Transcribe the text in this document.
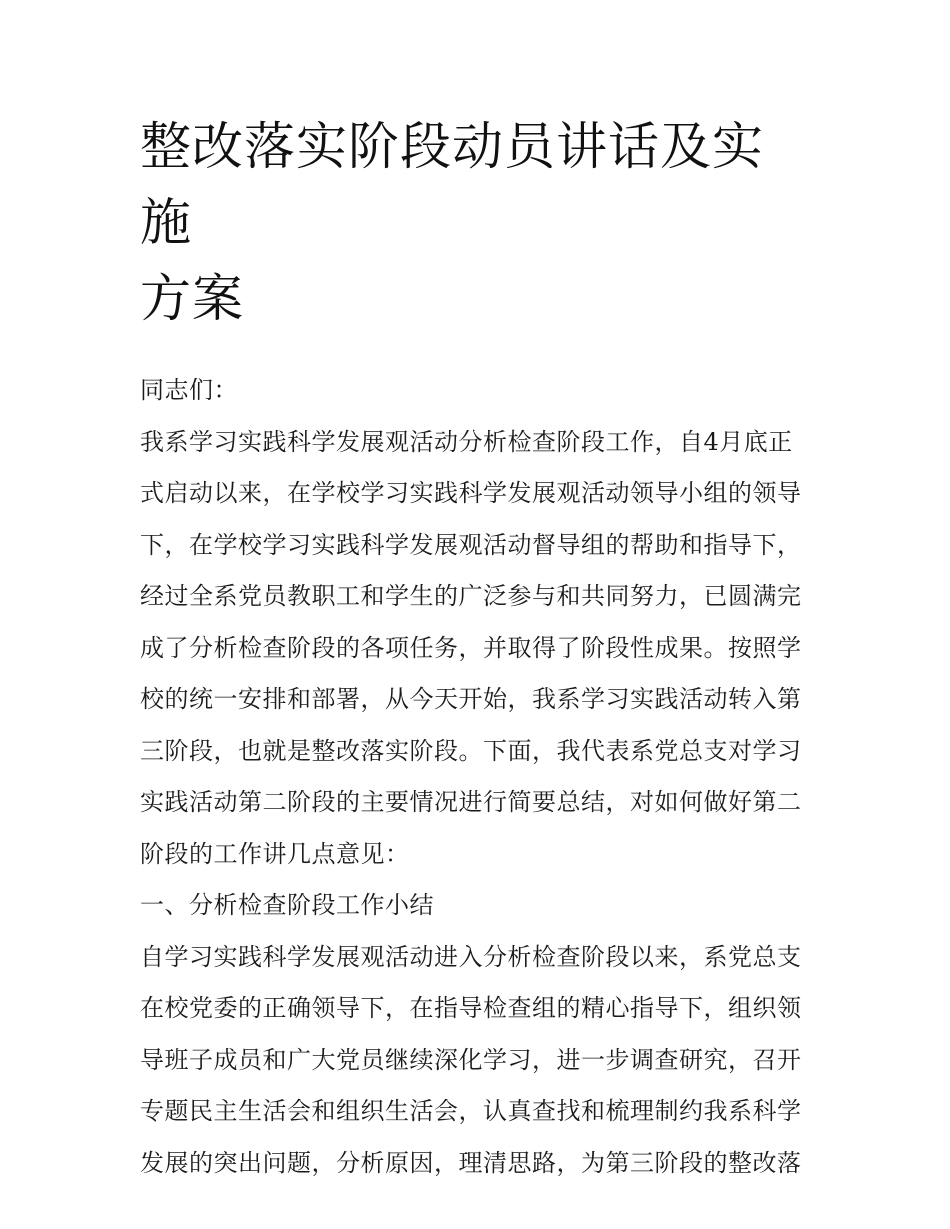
整改落实阶段动员讲话及实施
方案
同志们：
我系学习实践科学发展观活动分析检查阶段工作，自4月底正
式启动以来，在学校学习实践科学发展观活动领导小组的领导
下，在学校学习实践科学发展观活动督导组的帮助和指导下，
经过全系党员教职工和学生的广泛参与和共同努力，已圆满完
成了分析检查阶段的各项任务，并取得了阶段性成果。按照学
校的统一安排和部署，从今天开始，我系学习实践活动转入第
三阶段，也就是整改落实阶段。下面，我代表系党总支对学习
实践活动第二阶段的主要情况进行简要总结，对如何做好第二
阶段的工作讲几点意见：
一、分析检查阶段工作小结
自学习实践科学发展观活动进入分析检查阶段以来，系党总支
在校党委的正确领导下，在指导检查组的精心指导下，组织领
导班子成员和广大党员继续深化学习，进一步调查研究，召开
专题民主生活会和组织生活会，认真查找和梳理制约我系科学
发展的突出问题，分析原因，理清思路，为第三阶段的整改落
